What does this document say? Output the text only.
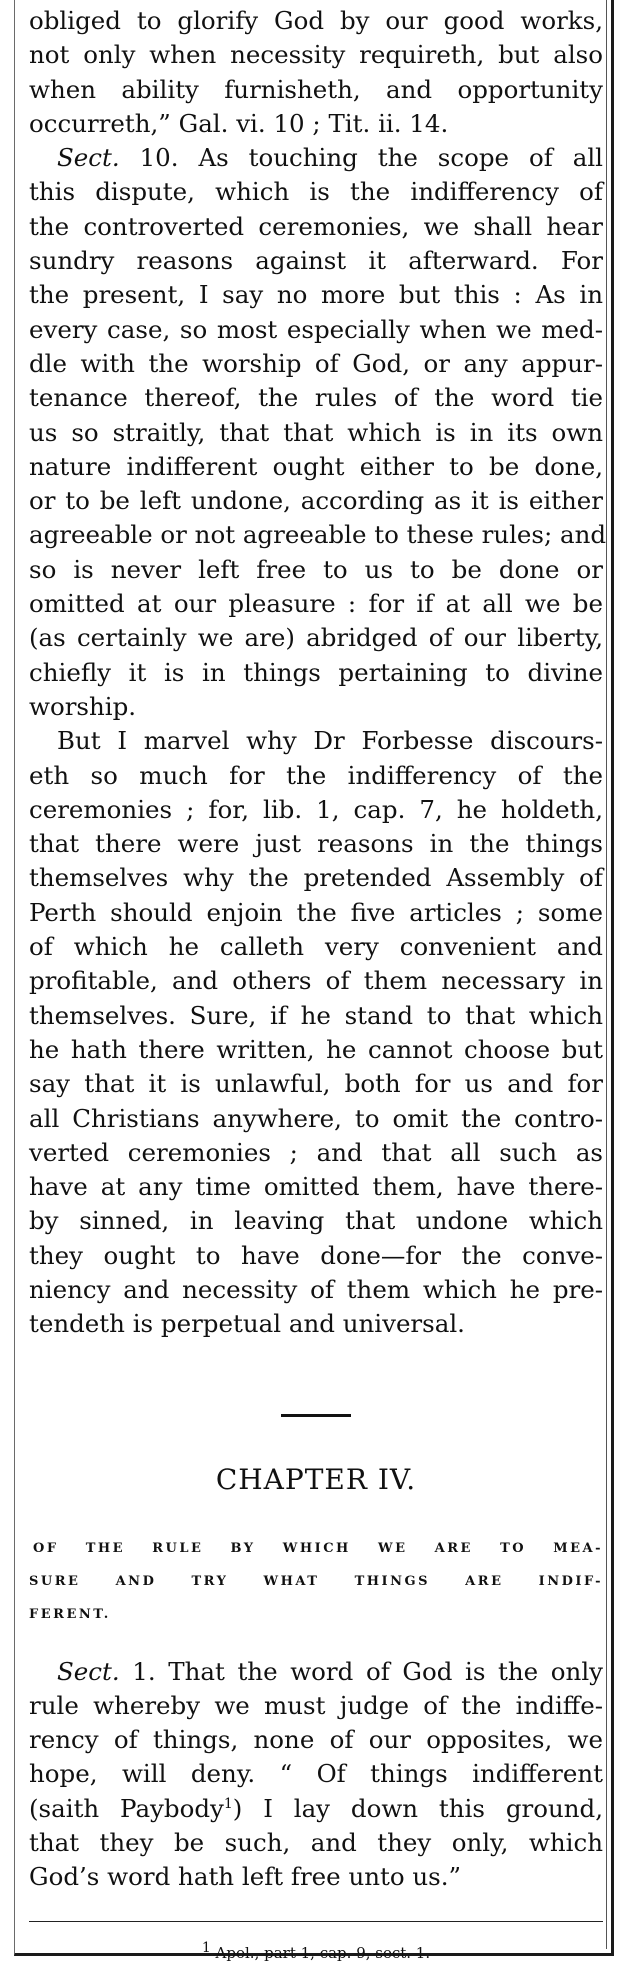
obliged to glorify God by our good works,
not only when necessity requireth, but also
when ability furnisheth, and opportunity
occurreth,” Gal. vi. 10 ; Tit. ii. 14.
Sect. 10. As touching the scope of all
this dispute, which is the indifferency of
the controverted ceremonies, we shall hear
sundry reasons against it afterward. For
the present, I say no more but this : As in
every case, so most especially when we med-
dle with the worship of God, or any appur-
tenance thereof, the rules of the word tie
us so straitly, that that which is in its own
nature indifferent ought either to be done,
or to be left undone, according as it is either
agreeable or not agreeable to these rules; and
so is never left free to us to be done or
omitted at our pleasure : for if at all we be
(as certainly we are) abridged of our liberty,
chiefly it is in things pertaining to divine
worship.
But I marvel why Dr Forbesse discours-
eth so much for the indifferency of the
ceremonies ; for, lib. 1, cap. 7, he holdeth,
that there were just reasons in the things
themselves why the pretended Assembly of
Perth should enjoin the five articles ; some
of which he calleth very convenient and
profitable, and others of them necessary in
themselves. Sure, if he stand to that which
he hath there written, he cannot choose but
say that it is unlawful, both for us and for
all Christians anywhere, to omit the contro-
verted ceremonies ; and that all such as
have at any time omitted them, have there-
by sinned, in leaving that undone which
they ought to have done—for the conve-
niency and necessity of them which he pre-
tendeth is perpetual and universal.
CHAPTER IV.
OF THE RULE BY WHICH WE ARE TO MEA-
SURE AND TRY WHAT THINGS ARE INDIF-
FERENT.
Sect. 1. That the word of God is the only
rule whereby we must judge of the indiffe-
rency of things, none of our opposites, we
hope, will deny. “ Of things indifferent
(saith Paybody$^1$) I lay down this ground,
that they be such, and they only, which
God’s word hath left free unto us.”
$^1$ Apol., part 1, cap. 9, sect. 1.
